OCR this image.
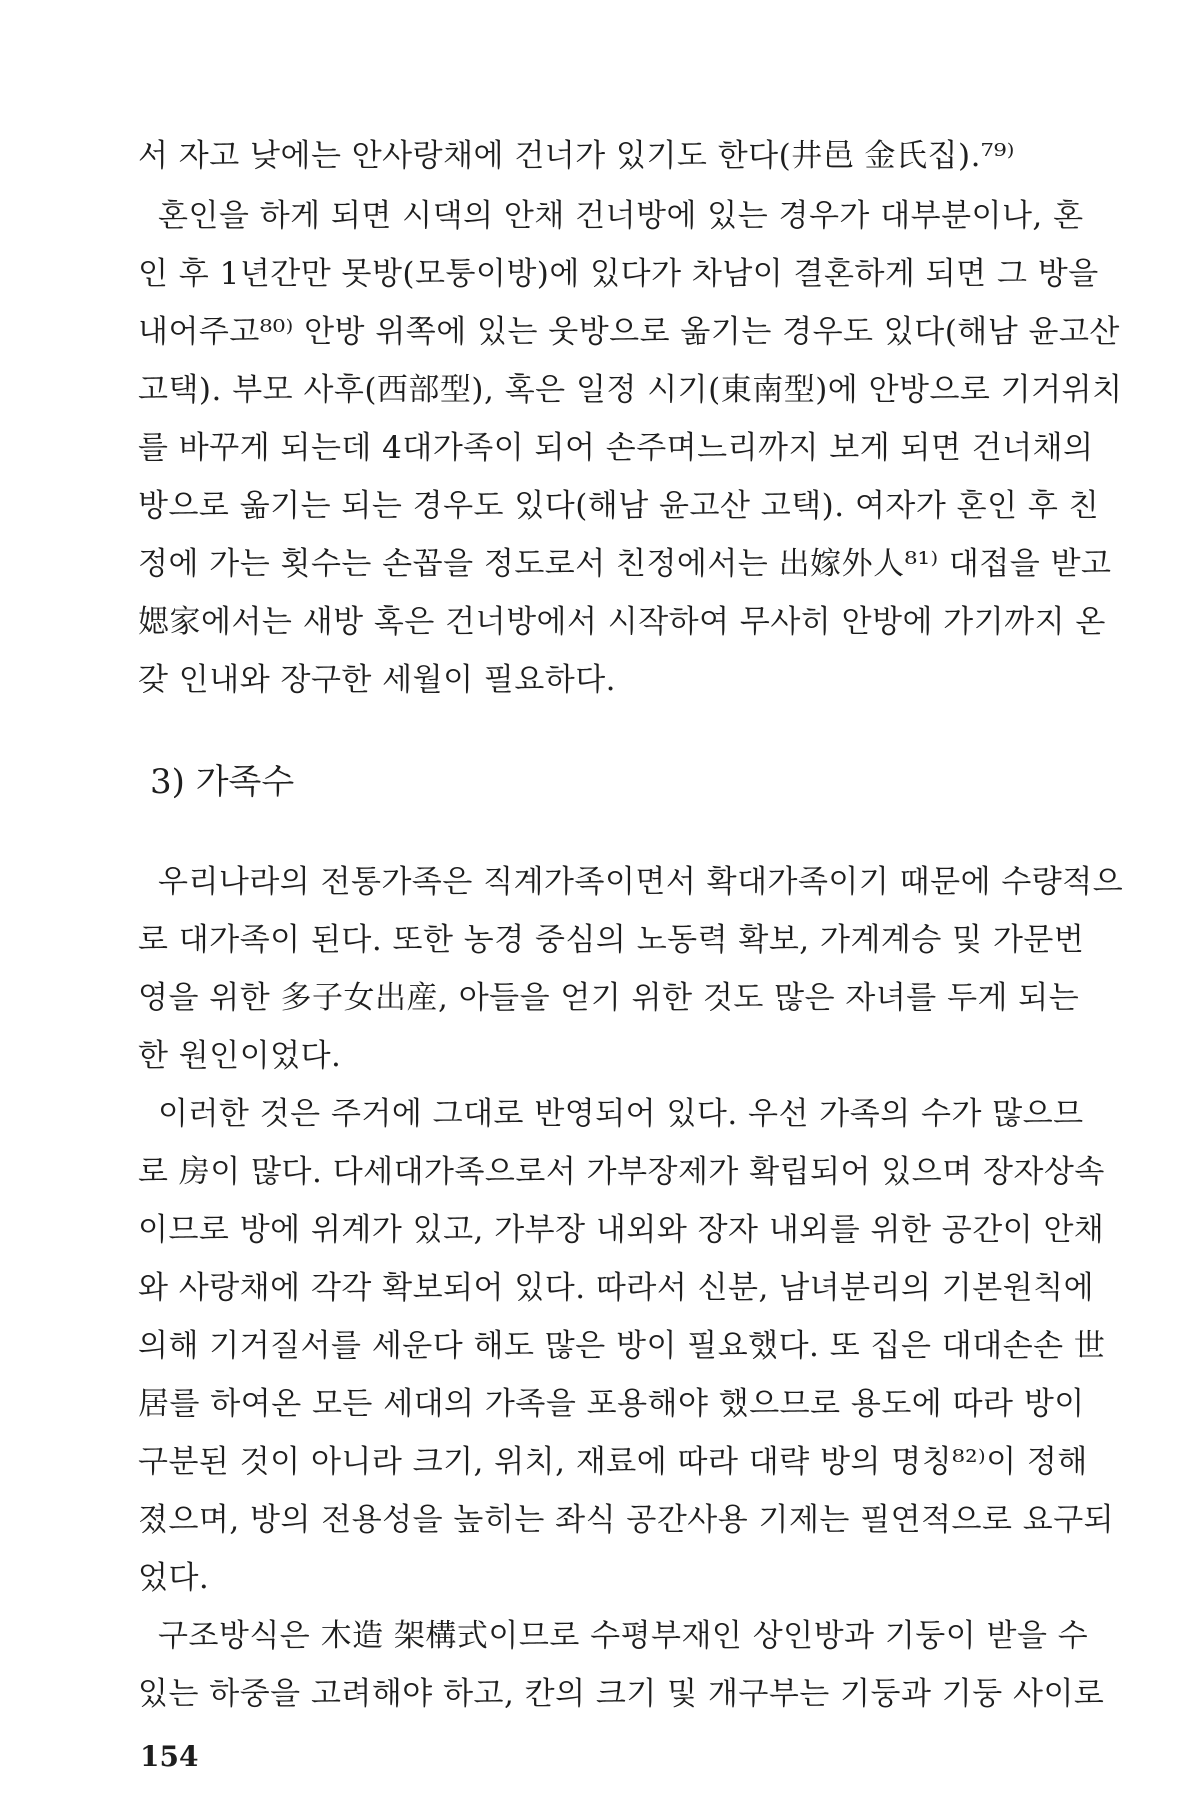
서 자고 낮에는 안사랑채에 건너가 있기도 한다(井邑 金氏집).⁷⁹⁾

혼인을 하게 되면 시댁의 안채 건너방에 있는 경우가 대부분이나, 혼

인 후 1년간만 못방(모퉁이방)에 있다가 차남이 결혼하게 되면 그 방을

내어주고⁸⁰⁾ 안방 위쪽에 있는 웃방으로 옮기는 경우도 있다(해남 윤고산

고택). 부모 사후(西部型), 혹은 일정 시기(東南型)에 안방으로 기거위치

를 바꾸게 되는데 4대가족이 되어 손주며느리까지 보게 되면 건너채의

방으로 옮기는 되는 경우도 있다(해남 윤고산 고택). 여자가 혼인 후 친

정에 가는 횟수는 손꼽을 정도로서 친정에서는 出嫁外人⁸¹⁾ 대접을 받고

媤家에서는 새방 혹은 건너방에서 시작하여 무사히 안방에 가기까지 온

갖 인내와 장구한 세월이 필요하다.

3) 가족수

우리나라의 전통가족은 직계가족이면서 확대가족이기 때문에 수량적으

로 대가족이 된다. 또한 농경 중심의 노동력 확보, 가계계승 및 가문번

영을 위한 多子女出産, 아들을 얻기 위한 것도 많은 자녀를 두게 되는

한 원인이었다.

이러한 것은 주거에 그대로 반영되어 있다. 우선 가족의 수가 많으므

로 房이 많다. 다세대가족으로서 가부장제가 확립되어 있으며 장자상속

이므로 방에 위계가 있고, 가부장 내외와 장자 내외를 위한 공간이 안채

와 사랑채에 각각 확보되어 있다. 따라서 신분, 남녀분리의 기본원칙에

의해 기거질서를 세운다 해도 많은 방이 필요했다. 또 집은 대대손손 世

居를 하여온 모든 세대의 가족을 포용해야 했으므로 용도에 따라 방이

구분된 것이 아니라 크기, 위치, 재료에 따라 대략 방의 명칭⁸²⁾이 정해

졌으며, 방의 전용성을 높히는 좌식 공간사용 기제는 필연적으로 요구되

었다.

구조방식은 木造 架構式이므로 수평부재인 상인방과 기둥이 받을 수

있는 하중을 고려해야 하고, 칸의 크기 및 개구부는 기둥과 기둥 사이로

154
